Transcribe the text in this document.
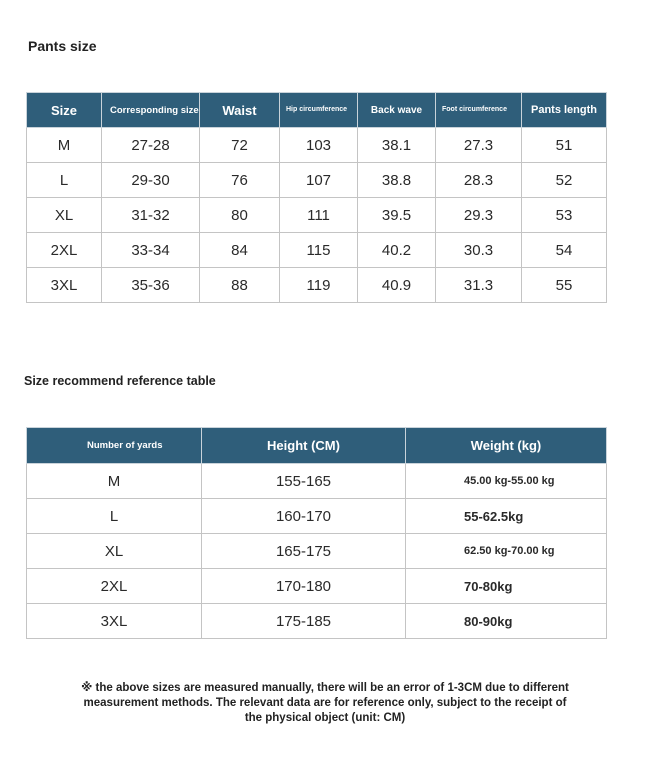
Pants size
Size	Corresponding size	Waist	Hip circumference	Back wave	Foot circumference	Pants length
M	27-28	72	103	38.1	27.3	51
L	29-30	76	107	38.8	28.3	52
XL	31-32	80	111	39.5	29.3	53
2XL	33-34	84	115	40.2	30.3	54
3XL	35-36	88	119	40.9	31.3	55
Size recommend reference table
Number of yards	Height (CM)	Weight (kg)
M	155-165	45.00 kg-55.00 kg
L	160-170	55-62.5kg
XL	165-175	62.50 kg-70.00 kg
2XL	170-180	70-80kg
3XL	175-185	80-90kg
※ the above sizes are measured manually, there will be an error of 1-3CM due to different measurement methods. The relevant data are for reference only, subject to the receipt of the physical object (unit: CM)
